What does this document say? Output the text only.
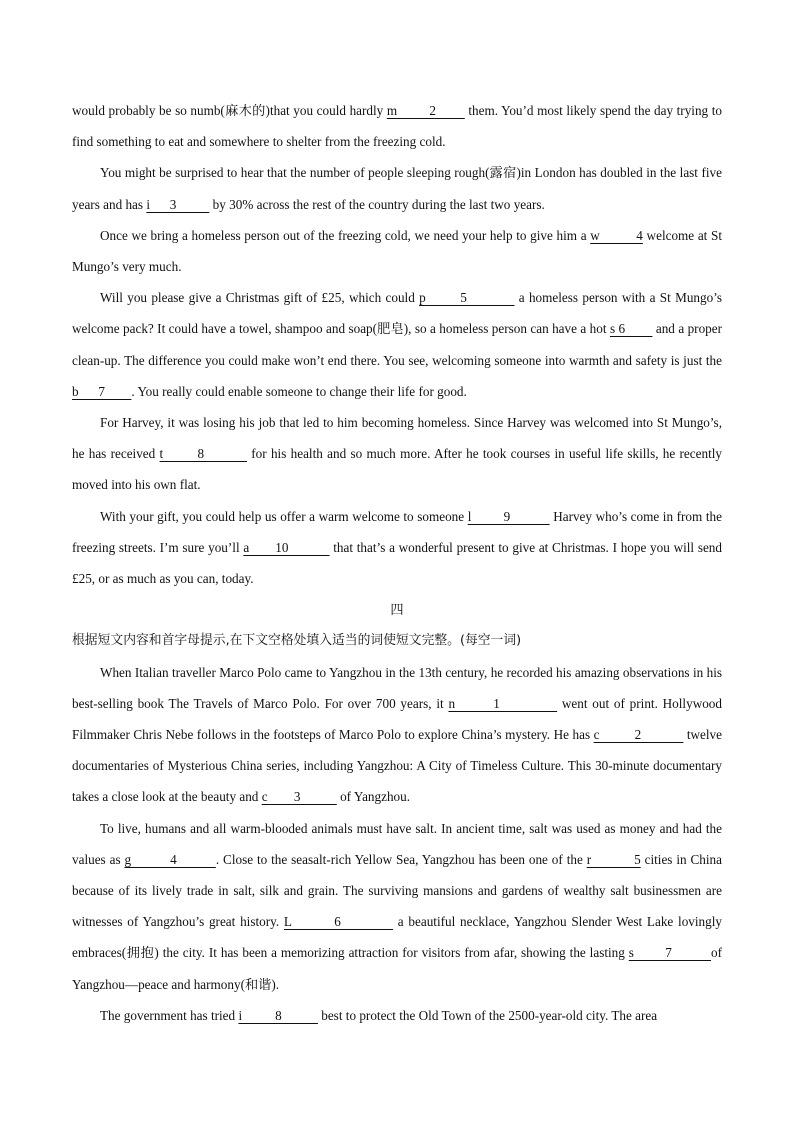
would probably be so numb(麻木的)that you could hardly m         2         them. You’d most likely spend the day trying to find something to eat and somewhere to shelter from the freezing cold.

You might be surprised to hear that the number of people sleeping rough(露宿)in London has doubled in the last five years and has i      3           by 30% across the rest of the country during the last two years.

Once we bring a homeless person out of the freezing cold, we need your help to give him a w          4 welcome at St Mungo’s very much.

Will you please give a Christmas gift of £25, which could p        5            a homeless person with a St Mungo’s welcome pack? It could have a towel, shampoo and soap(肥皂), so a homeless person can have a hot s 6         and a proper clean-up. The difference you could make won’t end there. You see, welcoming someone into warmth and safety is just the b      7        . You really could enable someone to change their life for good.

For Harvey, it was losing his job that led to him becoming homeless. Since Harvey was welcomed into St Mungo’s, he has received t        8           for his health and so much more. After he took courses in useful life skills, he recently moved into his own flat.

With your gift, you could help us offer a warm welcome to someone l         9            Harvey who’s come in from the freezing streets. I’m sure you’ll a       10            that that’s a wonderful present to give at Christmas. I hope you will send £25, or as much as you can, today.

四

根据短文内容和首字母提示,在下文空格处填入适当的词使短文完整。(每空一词)

When Italian traveller Marco Polo came to Yangzhou in the 13th century, he recorded his amazing observations in his best-selling book The Travels of Marco Polo. For over 700 years, it n        1             went out of print. Hollywood Filmmaker Chris Nebe follows in the footsteps of Marco Polo to explore China’s mystery. He has c          2             twelve documentaries of Mysterious China series, including Yangzhou: A City of Timeless Culture. This 30-minute documentary takes a close look at the beauty and c        3            of Yangzhou.

To live, humans and all warm-blooded animals must have salt. In ancient time, salt was used as money and had the values as g          4          . Close to the seasalt-rich Yellow Sea, Yangzhou has been one of the r           5 cities in China because of its lively trade in salt, silk and grain. The surviving mansions and gardens of wealthy salt businessmen are witnesses of Yangzhou’s great history. L         6            a beautiful necklace, Yangzhou Slender West Lake lovingly embraces(拥抱) the city. It has been a memorizing attraction for visitors from afar, showing the lasting s        7          of Yangzhou—peace and harmony(和谐).

The government has tried i          8            best to protect the Old Town of the 2500-year-old city. The area
